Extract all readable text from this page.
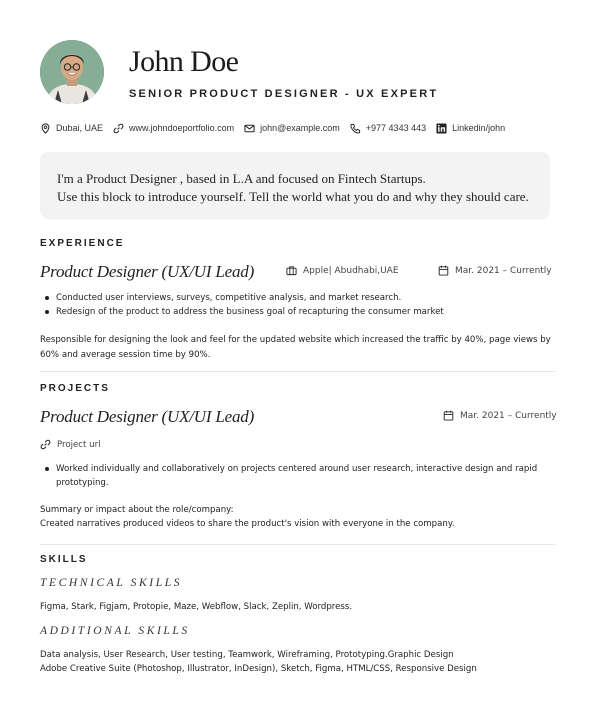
John Doe
SENIOR PRODUCT DESIGNER - UX EXPERT
Dubai, UAE	www.johndoeportfolio.com	john@example.com	+977 4343 443	Linkedin/john
I'm a Product Designer , based in L.A and focused on Fintech Startups.
Use this block to introduce yourself. Tell the world what you do and why they should care.
EXPERIENCE
Product Designer (UX/UI Lead)	Apple| Abudhabi,UAE	Mar. 2021 – Currently
Conducted user interviews, surveys, competitive analysis, and market research.
Redesign of the product to address the business goal of recapturing the consumer market
Responsible for designing the look and feel for the updated website which increased the traffic by 40%, page views by 60% and average session time by 90%.
PROJECTS
Product Designer (UX/UI Lead)	Mar. 2021 – Currently
Project url
Worked individually and collaboratively on projects centered around user research, interactive design and rapid prototyping.
Summary or impact about the role/company:
Created narratives produced videos to share the product's vision with everyone in the company.
SKILLS
TECHNICAL SKILLS
Figma, Stark, Figjam, Protopie, Maze, Webflow, Slack, Zeplin, Wordpress.
ADDITIONAL SKILLS
Data analysis, User Research, User testing, Teamwork, Wireframing, Prototyping.Graphic Design
Adobe Creative Suite (Photoshop, Illustrator, InDesign), Sketch, Figma, HTML/CSS, Responsive Design
